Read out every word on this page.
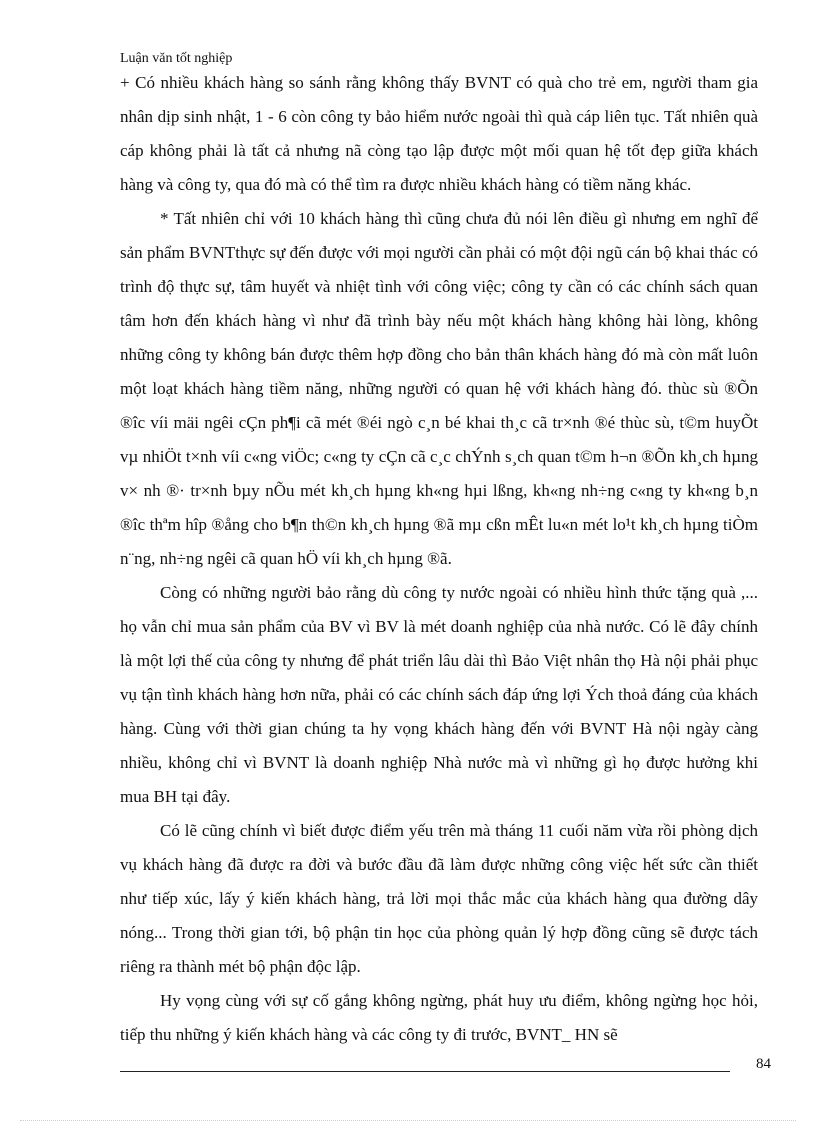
Luận văn tốt nghiệp

+ Có nhiều khách hàng so sánh rằng không thấy BVNT có quà cho trẻ em, người tham gia nhân dịp sinh nhật, 1 - 6 còn công ty bảo hiểm nước ngoài thì quà cáp liên tục. Tất nhiên quà cáp không phải là tất cả nhưng nã còng tạo lập được một mối quan hệ tốt đẹp giữa khách hàng và công ty, qua đó mà có thể tìm ra được nhiều khách hàng có tiềm năng khác.

* Tất nhiên chỉ với 10 khách hàng thì cũng chưa đủ nói lên điều gì nhưng em nghĩ để sản phẩm BVNTthực sự đến được với mọi người cần phải có một đội ngũ cán bộ khai thác có trình độ thực sự, tâm huyết và nhiệt tình với công việc; công ty cần có các chính sách quan tâm hơn đến khách hàng vì như đã trình bày nếu một khách hàng không hài lòng, không những công ty không bán được thêm hợp đồng cho bản thân khách hàng đó mà còn mất luôn một loạt khách hàng tiềm năng, những người có quan hệ với khách hàng đó. thùc sù ®Õn ®îc víi mäi ngêi cÇn ph¶i cã mét ®éi ngò c¸n bé khai th¸c cã tr×nh ®é thùc sù, t©m huyÕt vµ nhiÖt t×nh víi c«ng viÖc; c«ng ty cÇn cã c¸c chÝnh s¸ch quan t©m h¬n ®Õn kh¸ch hµng v× nh ®· tr×nh bµy nÕu mét kh¸ch hµng kh«ng hµi lßng, kh«ng nh÷ng c«ng ty kh«ng b¸n ®îc thªm hîp ®ång cho b¶n th©n kh¸ch hµng ®ã mµ cßn mÊt lu«n mét lo¹t kh¸ch hµng tiÒm n¨ng, nh÷ng ngêi cã quan hÖ víi kh¸ch hµng ®ã.

Còng có những người bảo rằng dù công ty nước ngoài có nhiều hình thức tặng quà ,... họ vẫn chỉ mua sản phẩm của BV vì BV là mét doanh nghiệp của nhà nước. Có lẽ đây chính là một lợi thế của công ty nhưng để phát triển lâu dài thì Bảo Việt nhân thọ Hà nội phải phục vụ tận tình khách hàng hơn nữa, phải có các chính sách đáp ứng lợi Ých thoả đáng của khách hàng. Cùng với thời gian chúng ta hy vọng khách hàng đến với BVNT Hà nội ngày càng nhiều, không chỉ vì BVNT là doanh nghiệp Nhà nước mà vì những gì họ được hưởng khi mua BH tại đây.

Có lẽ cũng chính vì biết được điểm yếu trên mà tháng 11 cuối năm vừa rồi phòng dịch vụ khách hàng đã được ra đời và bước đầu đã làm được những công việc hết sức cần thiết như tiếp xúc, lấy ý kiến khách hàng, trả lời mọi thắc mắc của khách hàng qua đường dây nóng... Trong thời gian tới, bộ phận tin học của phòng quản lý hợp đồng cũng sẽ được tách riêng ra thành mét bộ phận độc lập.

Hy vọng cùng với sự cố gắng không ngừng, phát huy ưu điểm, không ngừng học hỏi, tiếp thu những ý kiến khách hàng và các công ty đi trước, BVNT_ HN sẽ

84
